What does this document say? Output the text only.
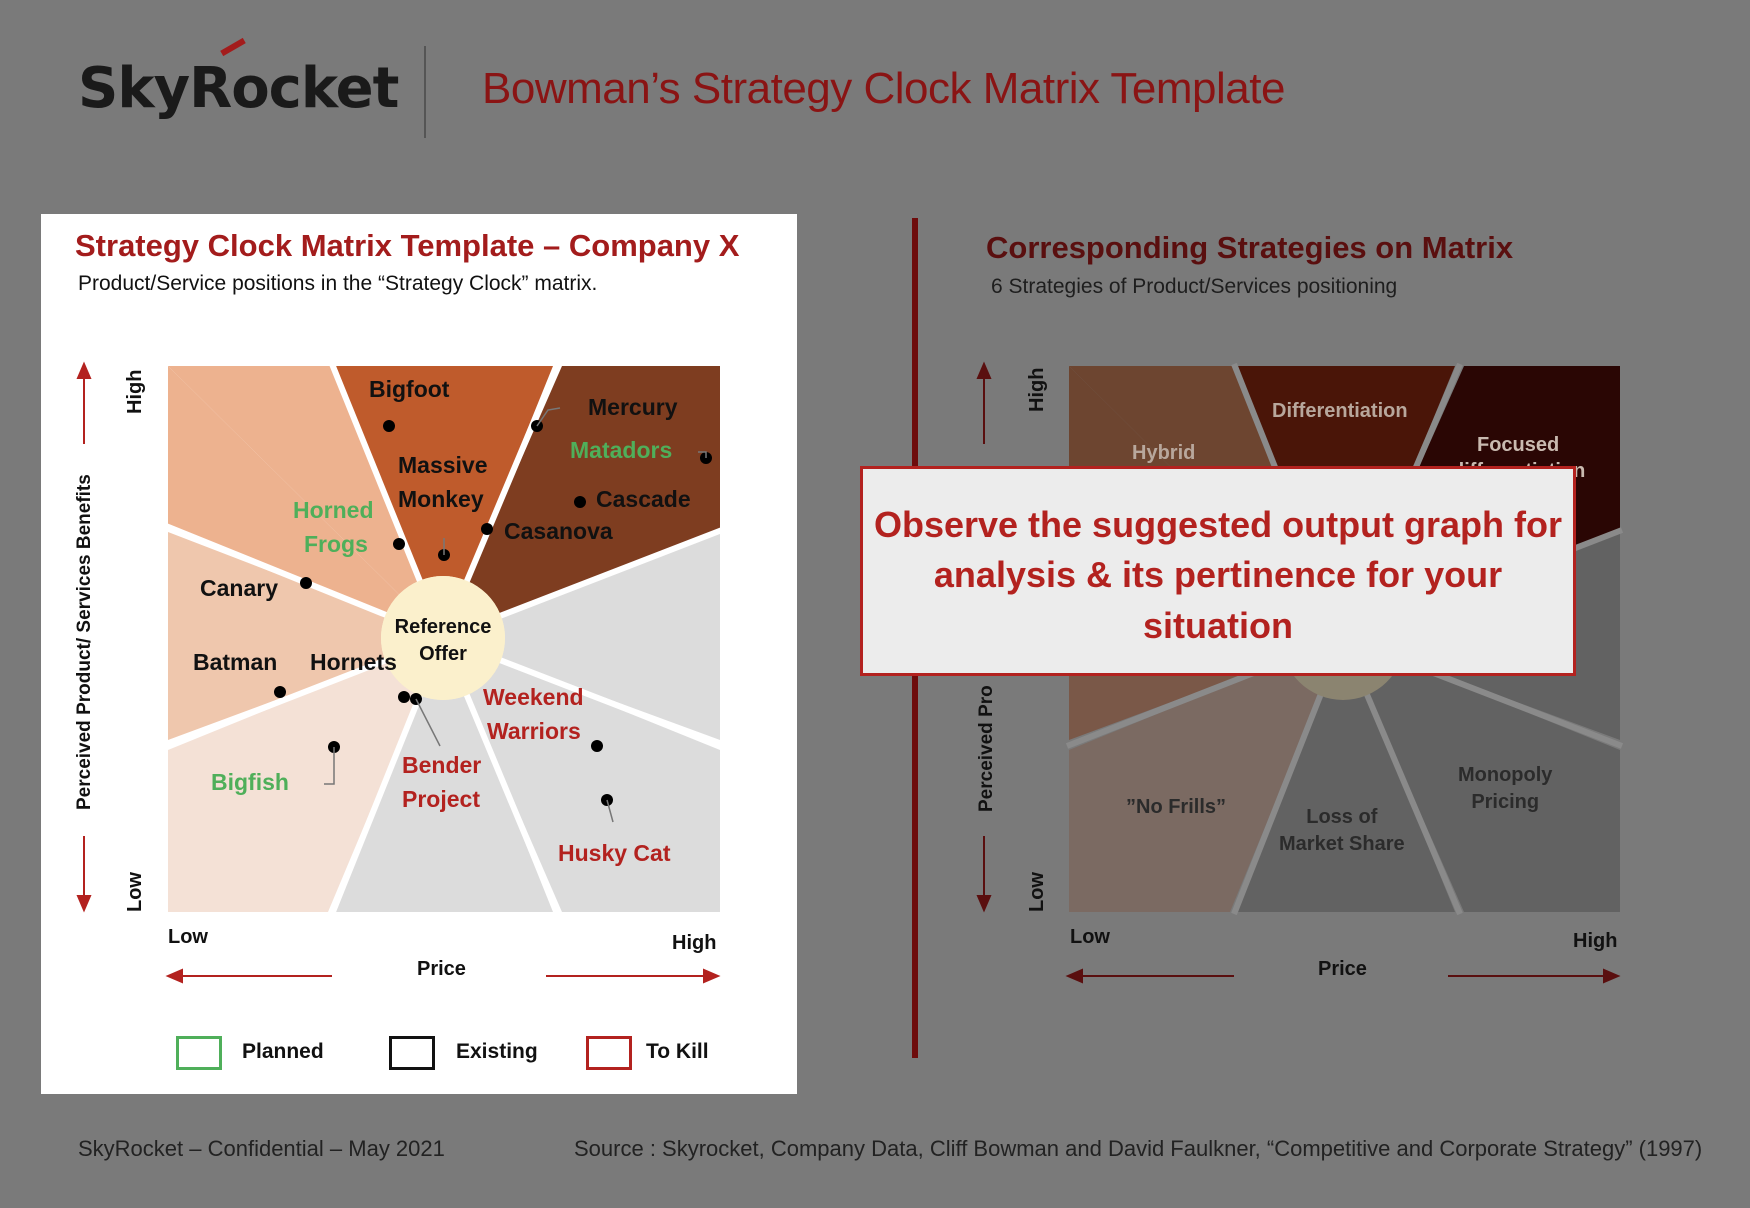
SkyRocket Bowman’s Strategy Clock Matrix Template
Strategy Clock Matrix Template – Company X
Product/Service positions in the “Strategy Clock” matrix.
Corresponding Strategies on Matrix
6 Strategies of Product/Services positioning
High
Low
Perceived Product/ Services Benefits
Low	High
Price
Reference
Offer
Bigfoot
Mercury
Matadors
Massive
Monkey	Cascade
Casanova
Horned
Frogs
Canary
Batman Hornets
Weekend
Warriors
Bender
Project
Bigfish
Husky Cat
Planned	Existing	To Kill
High
Low
Perceived Pro
Low	High
Price
Differentiation
Hybrid	Focused
”No Frills”	Loss of
Market Share
Monopoly
Pricing
Observe the suggested output graph for analysis & its pertinence for your situation
SkyRocket – Confidential – May 2021	Source : Skyrocket, Company Data, Cliff Bowman and David Faulkner, “Competitive and Corporate Strategy” (1997)
